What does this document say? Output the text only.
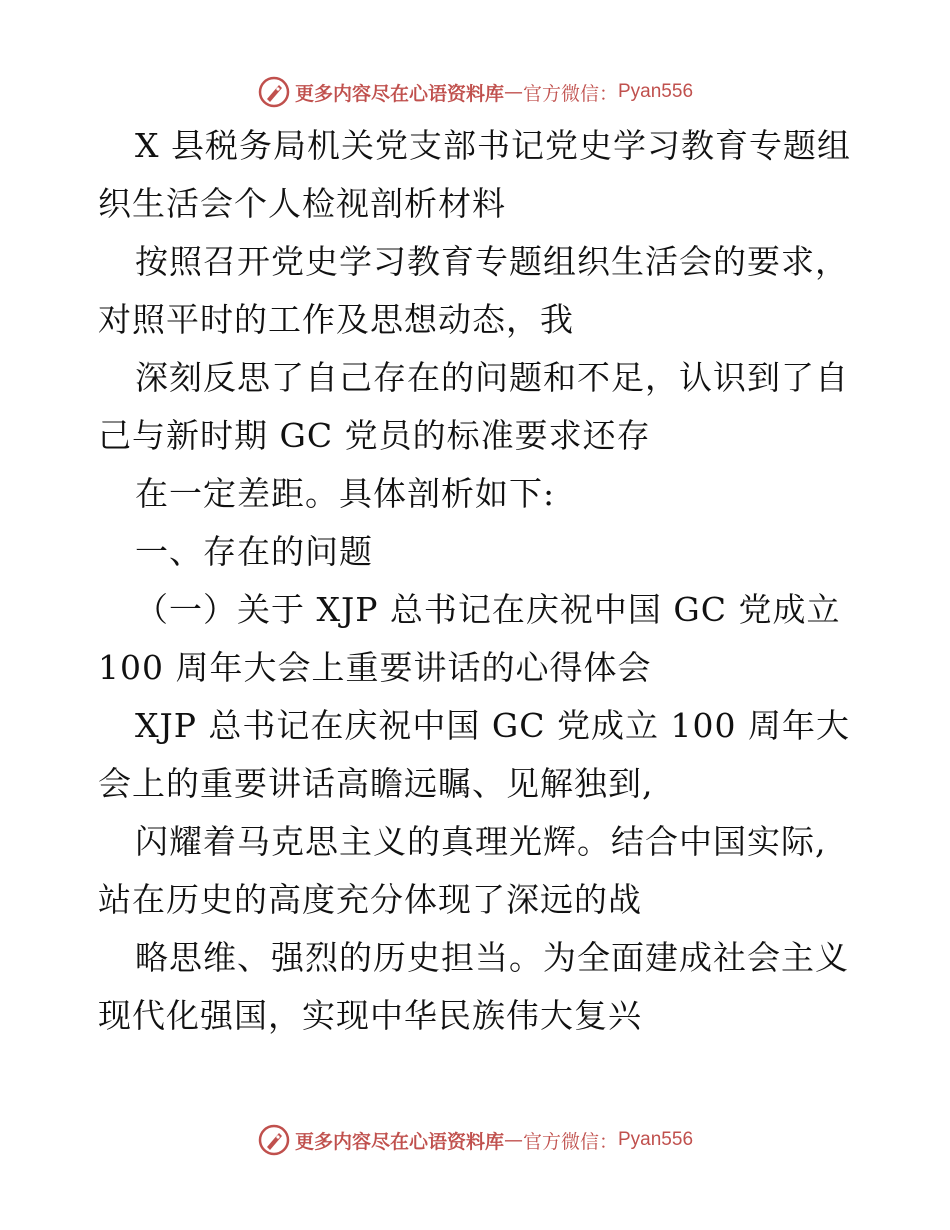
更多内容尽在心语资料库 — 官方微信： Pyan556
X 县税务局机关党支部书记党史学习教育专题组
织生活会个人检视剖析材料
按照召开党史学习教育专题组织生活会的要求，
对照平时的工作及思想动态，我
深刻反思了自己存在的问题和不足，认识到了自
己与新时期 GC 党员的标准要求还存
在一定差距。具体剖析如下:
一、存在的问题
（一）关于 XJP 总书记在庆祝中国 GC 党成立
100 周年大会上重要讲话的心得体会
XJP 总书记在庆祝中国 GC 党成立 100 周年大
会上的重要讲话高瞻远瞩、见解独到,
闪耀着马克思主义的真理光辉。结合中国实际,
站在历史的高度充分体现了深远的战
略思维、强烈的历史担当。为全面建成社会主义
现代化强国，实现中华民族伟大复兴
更多内容尽在心语资料库 — 官方微信： Pyan556
